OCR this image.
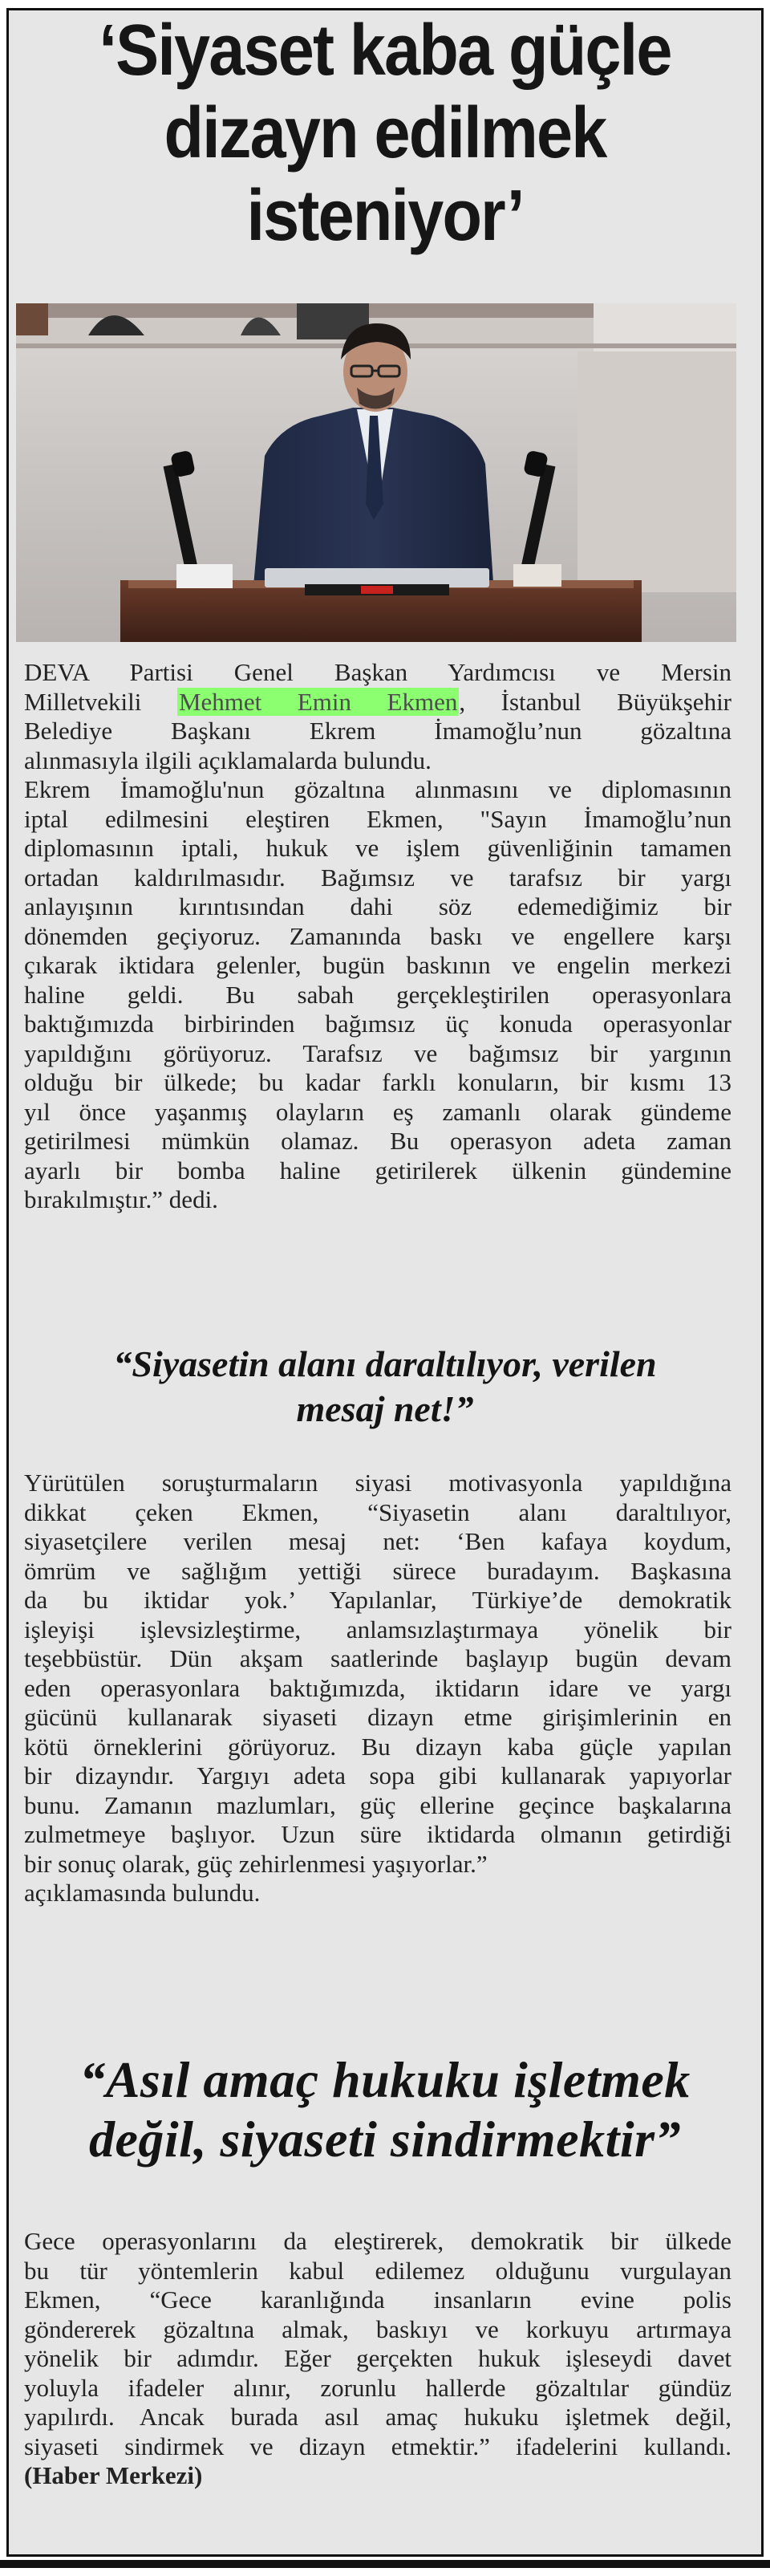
‘Siyaset kaba güçle
dizayn edilmek
isteniyor’
DEVA Partisi Genel Başkan Yardımcısı ve Mersin
Milletvekili Mehmet Emin Ekmen, İstanbul Büyükşehir
Belediye Başkanı Ekrem İmamoğlu’nun gözaltına
alınmasıyla ilgili açıklamalarda bulundu.
Ekrem İmamoğlu'nun gözaltına alınmasını ve diplomasının
iptal edilmesini eleştiren Ekmen, "Sayın İmamoğlu’nun
diplomasının iptali, hukuk ve işlem güvenliğinin tamamen
ortadan kaldırılmasıdır. Bağımsız ve tarafsız bir yargı
anlayışının kırıntısından dahi söz edemediğimiz bir
dönemden geçiyoruz. Zamanında baskı ve engellere karşı
çıkarak iktidara gelenler, bugün baskının ve engelin merkezi
haline geldi. Bu sabah gerçekleştirilen operasyonlara
baktığımızda birbirinden bağımsız üç konuda operasyonlar
yapıldığını görüyoruz. Tarafsız ve bağımsız bir yargının
olduğu bir ülkede; bu kadar farklı konuların, bir kısmı 13
yıl önce yaşanmış olayların eş zamanlı olarak gündeme
getirilmesi mümkün olamaz. Bu operasyon adeta zaman
ayarlı bir bomba haline getirilerek ülkenin gündemine
bırakılmıştır.” dedi.
“Siyasetin alanı daraltılıyor, verilen
mesaj net!”
Yürütülen soruşturmaların siyasi motivasyonla yapıldığına
dikkat çeken Ekmen, “Siyasetin alanı daraltılıyor,
siyasetçilere verilen mesaj net: ‘Ben kafaya koydum,
ömrüm ve sağlığım yettiği sürece buradayım. Başkasına
da bu iktidar yok.’ Yapılanlar, Türkiye’de demokratik
işleyişi işlevsizleştirme, anlamsızlaştırmaya yönelik bir
teşebbüstür. Dün akşam saatlerinde başlayıp bugün devam
eden operasyonlara baktığımızda, iktidarın idare ve yargı
gücünü kullanarak siyaseti dizayn etme girişimlerinin en
kötü örneklerini görüyoruz. Bu dizayn kaba güçle yapılan
bir dizayndır. Yargıyı adeta sopa gibi kullanarak yapıyorlar
bunu. Zamanın mazlumları, güç ellerine geçince başkalarına
zulmetmeye başlıyor. Uzun süre iktidarda olmanın getirdiği
bir sonuç olarak, güç zehirlenmesi yaşıyorlar.”
açıklamasında bulundu.
“Asıl amaç hukuku işletmek
değil, siyaseti sindirmektir”
Gece operasyonlarını da eleştirerek, demokratik bir ülkede
bu tür yöntemlerin kabul edilemez olduğunu vurgulayan
Ekmen, “Gece karanlığında insanların evine polis
göndererek gözaltına almak, baskıyı ve korkuyu artırmaya
yönelik bir adımdır. Eğer gerçekten hukuk işleseydi davet
yoluyla ifadeler alınır, zorunlu hallerde gözaltılar gündüz
yapılırdı. Ancak burada asıl amaç hukuku işletmek değil,
siyaseti sindirmek ve dizayn etmektir.” ifadelerini kullandı.
(Haber Merkezi)
